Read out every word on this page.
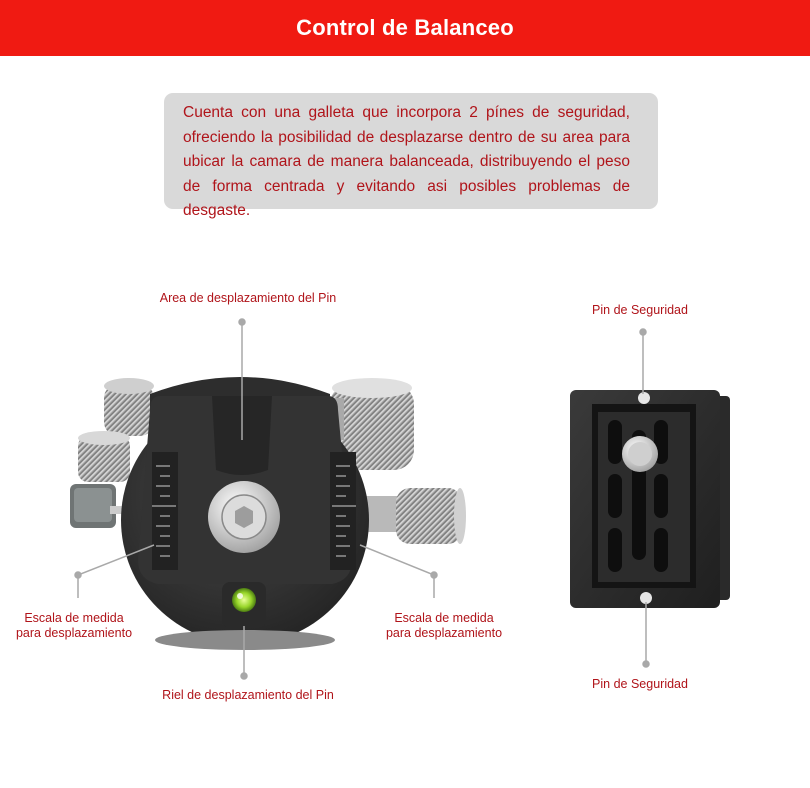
Control de Balanceo

Cuenta con una galleta que incorpora 2 pínes de seguridad, ofreciendo la posibilidad de desplazarse dentro de su area para ubicar la camara de manera balanceada, distribuyendo el peso de forma centrada y evitando asi posibles problemas de desgaste.

Area de desplazamiento del Pin
Escala de medida
para desplazamiento
Escala de medida
para desplazamiento
Riel de desplazamiento del Pin
Pin de Seguridad
Pin de Seguridad
